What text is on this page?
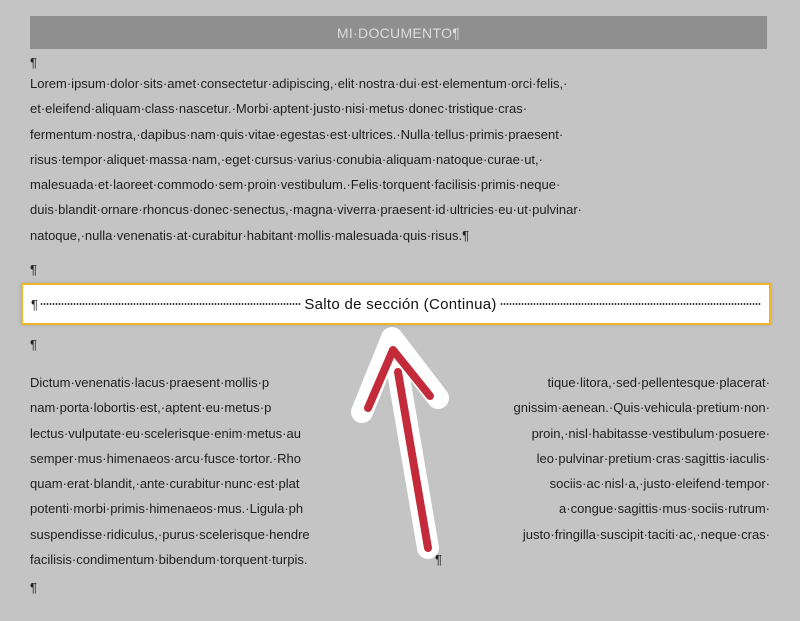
MI·DOCUMENTO¶
¶
Lorem·ipsum·dolor·sits·amet·consectetur·adipiscing,·elit·nostra·dui·est·elementum·orci·felis,·
et·eleifend·aliquam·class·nascetur.·Morbi·aptent·justo·nisi·metus·donec·tristique·cras·
fermentum·nostra,·dapibus·nam·quis·vitae·egestas·est·ultrices.·Nulla·tellus·primis·praesent·
risus·tempor·aliquet·massa·nam,·eget·cursus·varius·conubia·aliquam·natoque·curae·ut,·
malesuada·et·laoreet·commodo·sem·proin·vestibulum.·Felis·torquent·facilisis·primis·neque·
duis·blandit·ornare·rhoncus·donec·senectus,·magna·viverra·praesent·id·ultricies·eu·ut·pulvinar·
natoque,·nulla·venenatis·at·curabitur·habitant·mollis·malesuada·quis·risus.¶
¶
¶	Salto de sección (Continua)
¶
Dictum·venenatis·lacus·praesent·mollis·p
nam·porta·lobortis·est,·aptent·eu·metus·p
lectus·vulputate·eu·scelerisque·enim·metus·au
semper·mus·himenaeos·arcu·fusce·tortor.·Rho
quam·erat·blandit,·ante·curabitur·nunc·est·plat
potenti·morbi·primis·himenaeos·mus.·Ligula·ph
suspendisse·ridiculus,·purus·scelerisque·hendre
facilisis·condimentum·bibendum·torquent·turpis.
tique·litora,·sed·pellentesque·placerat·
gnissim·aenean.·Quis·vehicula·pretium·non·
proin,·nisl·habitasse·vestibulum·posuere·
leo·pulvinar·pretium·cras·sagittis·iaculis·
sociis·ac·nisl·a,·justo·eleifend·tempor·
a·congue·sagittis·mus·sociis·rutrum·
justo·fringilla·suscipit·taciti·ac,·neque·cras·
¶
¶
